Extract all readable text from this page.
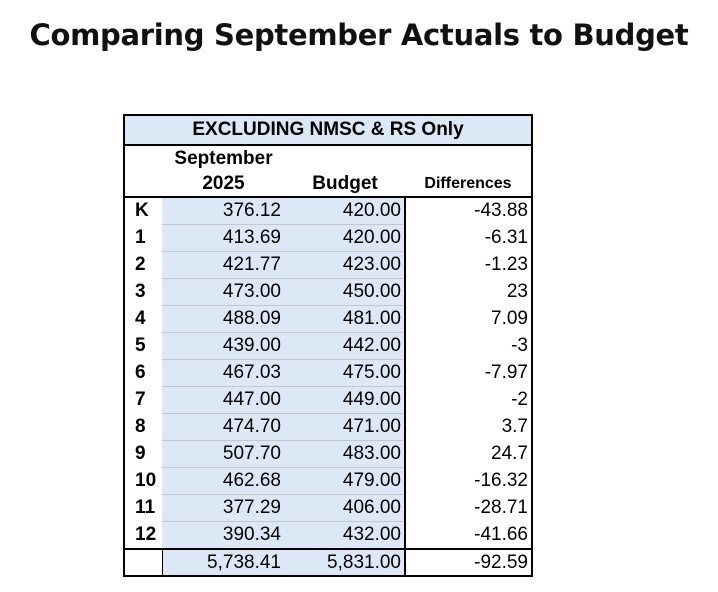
Comparing September Actuals to Budget
EXCLUDING NMSC & RS Only
	September		
	2025	Budget	Differences
K	376.12	420.00	-43.88
1	413.69	420.00	-6.31
2	421.77	423.00	-1.23
3	473.00	450.00	23
4	488.09	481.00	7.09
5	439.00	442.00	-3
6	467.03	475.00	-7.97
7	447.00	449.00	-2
8	474.70	471.00	3.7
9	507.70	483.00	24.7
10	462.68	479.00	-16.32
11	377.29	406.00	-28.71
12	390.34	432.00	-41.66
	5,738.41	5,831.00	-92.59
